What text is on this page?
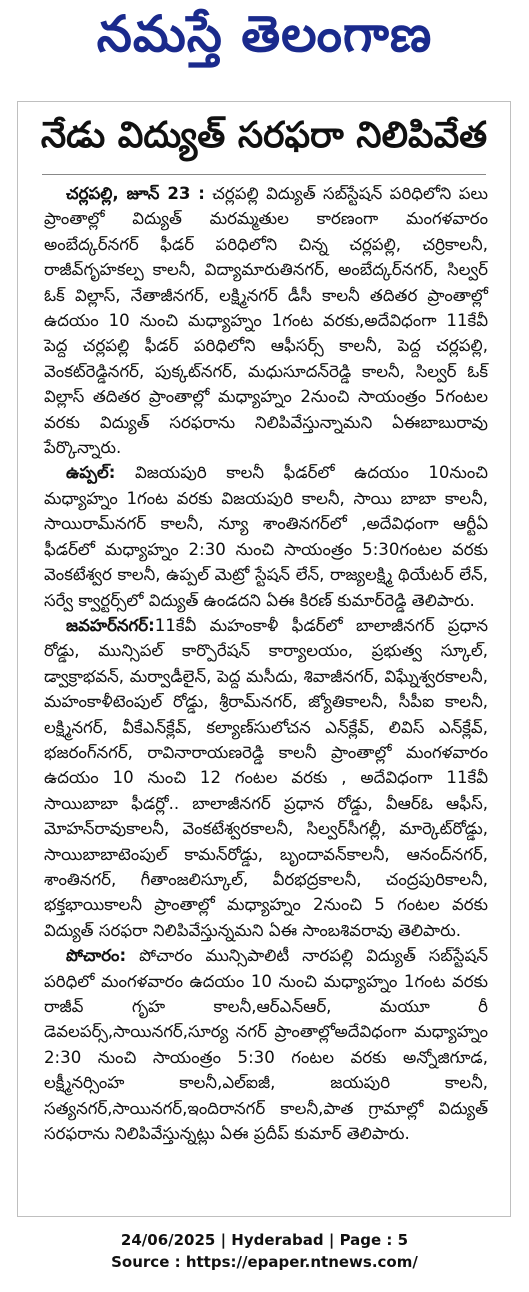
నమస్తే తెలంగాణ
నేడు విద్యుత్ సరఫరా నిలిపివేత

చర్లపల్లి, జూన్ 23 : చర్లపల్లి విద్యుత్ సబ్‌స్టేషన్ పరిధిలోని పలు ప్రాంతాల్లో విద్యుత్ మరమ్మతుల కారణంగా మంగళవారం అంబేద్కర్‌నగర్ ఫీడర్ పరిధిలోని చిన్న చర్లపల్లి, చర్రికాలనీ, రాజీవ్‌గృహకల్ప కాలనీ, విద్యామారుతినగర్, అంబేద్కర్‌నగర్, సిల్వర్ ఓక్ విల్లాస్, నేతాజీనగర్, లక్ష్మినగర్ డీసీ కాలనీ తదితర ప్రాంతాల్లో ఉదయం 10 నుంచి మధ్యాహ్నం 1గంట వరకు,అదేవిధంగా 11కేవీ పెద్ద చర్లపల్లి ఫీడర్ పరిధిలోని ఆఫీసర్స్ కాలనీ, పెద్ద చర్లపల్లి, వెంకట్‌రెడ్డినగర్, పుక్కట్‌నగర్, మధుసూదన్‌రెడ్డి కాలనీ, సిల్వర్ ఓక్ విల్లాస్ తదితర ప్రాంతాల్లో మధ్యాహ్నం 2నుంచి సాయంత్రం 5గంటల వరకు విద్యుత్ సరఫరాను నిలిపివేస్తున్నామని ఏఈబాబురావు పేర్కొన్నారు.

ఉప్పల్: విజయపురి కాలనీ ఫీడర్‌లో ఉదయం 10నుంచి మధ్యాహ్నం 1గంట వరకు విజయపురి కాలనీ, సాయి బాబా కాలనీ, సాయిరామ్‌నగర్ కాలనీ, న్యూ శాంతినగర్‌లో ,అదేవిధంగా ఆర్టీఏ ఫీడర్‌లో మధ్యాహ్నం 2:30 నుంచి సాయంత్రం 5:30గంటల వరకు వెంకటేశ్వర కాలనీ, ఉప్పల్ మెట్రో స్టేషన్ లేన్, రాజ్యలక్ష్మి థియేటర్ లేన్, సర్వే క్వార్టర్స్‌లో విద్యుత్ ఉండదని ఏఈ కిరణ్ కుమార్‌రెడ్డి తెలిపారు.

జవహర్‌నగర్:11కేవీ మహంకాళీ ఫీడర్‌లో బాలాజీనగర్ ప్రధాన రోడ్డు, మున్సిపల్ కార్పొరేషన్ కార్యాలయం, ప్రభుత్వ స్కూల్, డ్వాక్రాభవన్, మర్వాడీలైన్, పెద్ద మసీదు, శివాజీనగర్, విఘ్నేశ్వరకాలనీ, మహంకాళీటెంపుల్ రోడ్డు, శ్రీరామ్‌నగర్, జ్యోతికాలనీ, సీపీఐ కాలనీ, లక్ష్మినగర్, వీకేఎన్‌క్లేవ్, కల్యాణ్‌సులోచన ఎన్‌క్లేవ్, లివిస్ ఎన్‌క్లేవ్, భజరంగ్‌నగర్, రావినారాయణరెడ్డి కాలనీ ప్రాంతాల్లో మంగళవారం ఉదయం 10 నుంచి 12 గంటల వరకు , అదేవిధంగా 11కేవీ సాయిబాబా ఫీడర్లో.. బాలాజీనగర్ ప్రధాన రోడ్డు, వీఆర్ఓ ఆఫీస్, మోహన్‌రావుకాలనీ, వెంకటేశ్వరకాలనీ, సిల్వర్‌సీగల్లీ, మార్కెట్‌రోడ్డు, సాయిబాబాటెంపుల్ కామన్‌రోడ్డు, బృందావన్‌కాలనీ, ఆనంద్‌నగర్, శాంతినగర్, గీతాంజలిస్కూల్, వీరభద్రకాలనీ, చంద్రపురికాలనీ, భక్తభాయికాలనీ ప్రాంతాల్లో మధ్యాహ్నం 2నుంచి 5 గంటల వరకు విద్యుత్ సరఫరా నిలిపివేస్తున్నమని ఏఈ సాంబశివరావు తెలిపారు.

పోచారం: పోచారం మున్సిపాలిటీ నారపల్లి విద్యుత్ సబ్‌స్టేషన్ పరిధిలో మంగళవారం ఉదయం 10 నుంచి మధ్యాహ్నం 1గంట వరకు రాజీవ్ గృహ కాలనీ,ఆర్‌ఎన్ఆర్, మయూ రీ డెవలపర్స్,సాయినగర్,సూర్య నగర్ ప్రాంతాల్లోఅదేవిధంగా మధ్యాహ్నం 2:30 నుంచి సాయంత్రం 5:30 గంటల వరకు అన్నోజిగూడ, లక్ష్మీనర్సింహ కాలనీ,ఎల్ఐజీ, జయపురి కాలనీ, సత్యనగర్,సాయినగర్,ఇందిరానగర్ కాలనీ,పాత గ్రామాల్లో విద్యుత్ సరఫరాను నిలిపివేస్తున్నట్లు ఏఈ ప్రదీప్ కుమార్ తెలిపారు.

24/06/2025 | Hyderabad | Page : 5
Source : https://epaper.ntnews.com/
